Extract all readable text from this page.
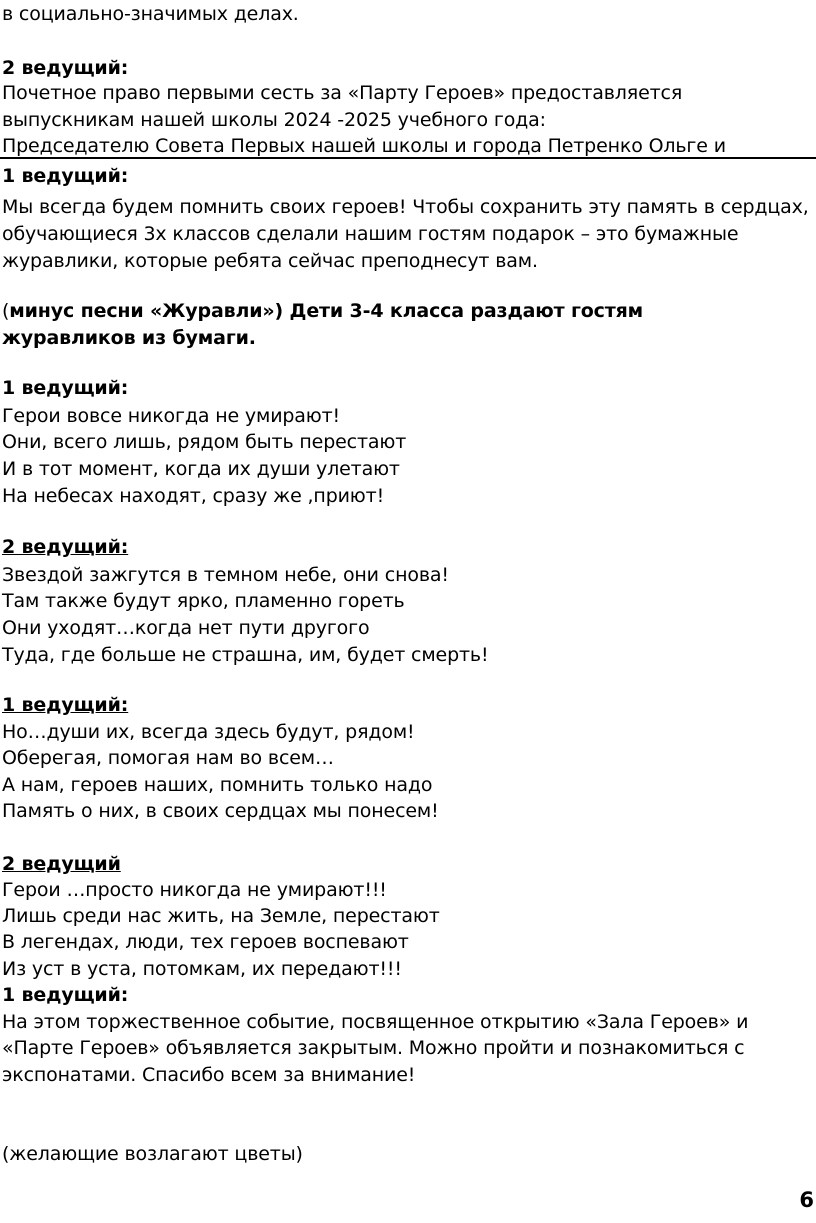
в социально-значимых делах.
2 ведущий:
Почетное право первыми сесть за «Парту Героев» предоставляется
выпускникам нашей школы 2024 -2025 учебного года:
Председателю Совета Первых нашей школы и города Петренко Ольге и
1 ведущий:
Мы всегда будем помнить своих героев! Чтобы сохранить эту память в сердцах,
обучающиеся 3х классов сделали нашим гостям подарок – это бумажные
журавлики, которые ребята сейчас преподнесут вам.
(минус песни «Журавли») Дети 3-4 класса раздают гостям
журавликов из бумаги.
1 ведущий:
Герои вовсе никогда не умирают!
Они, всего лишь, рядом быть перестают
И в тот момент, когда их души улетают
На небесах находят, сразу же ,приют!
2 ведущий:
Звездой зажгутся в темном небе, они снова!
Там также будут ярко, пламенно гореть
Они уходят…когда нет пути другого
Туда, где больше не страшна, им, будет смерть!
1 ведущий:
Но…души их, всегда здесь будут, рядом!
Оберегая, помогая нам во всем…
А нам, героев наших, помнить только надо
Память о них, в своих сердцах мы понесем!
2 ведущий
Герои …просто никогда не умирают!!!
Лишь среди нас жить, на Земле, перестают
В легендах, люди, тех героев воспевают
Из уст в уста, потомкам, их передают!!!
1 ведущий:
На этом торжественное событие, посвященное открытию «Зала Героев» и
«Парте Героев» объявляется закрытым. Можно пройти и познакомиться с
экспонатами. Спасибо всем за внимание!
(желающие возлагают цветы)
6
